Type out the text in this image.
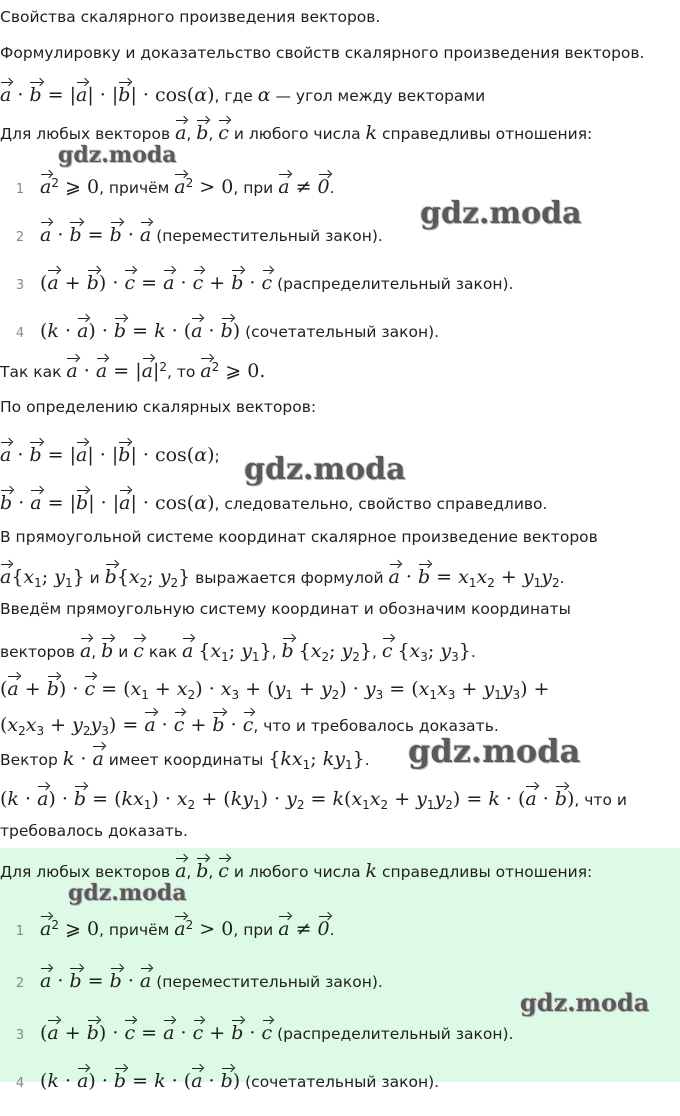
Свойства скалярного произведения векторов.
Формулировку и доказательство свойств скалярного произведения векторов.
a · b = |a| · |b| · cos(α), где α — угол между векторами
Для любых векторов a, b, c и любого числа k справедливы отношения:
1 $a^2$ ⩾ 0, причём $a^2 > 0$, при a ≠ 0.
2 a · b = b · a (переместительный закон).
3 (a + b) · c = a · c + b · c (распределительный закон).
4 (k · a) · b = k · (a · b) (сочетательный закон).
Так как $a \cdot a = |a|^2$, то $a^2$ ⩾ 0.
По определению скалярных векторов:
a · b = |a| · |b| · cos(α);
b · a = |b| · |a| · cos(α), следовательно, свойство справедливо.
В прямоугольной системе координат скалярное произведение векторов
$a\{x_1$; $y_1$} и $b\{x_2$; $y_2$} выражается формулой $a \cdot b = x_1x_2 + y_1y_2$.
Введём прямоугольную систему координат и обозначим координаты
векторов a, b и c как a {$x_1$; $y_1$}, b {$x_2$; $y_2$}, c {$x_3$; $y_3$}.
$(a + b) \cdot c = (x_1 + x_2) \cdot x_3 + (y_1 + y_2) \cdot y_3 = (x_1x_3 + y_1y_3)$ +
$(x_2x_3 + y_2y_3) = a \cdot c + b \cdot c$, что и требовалось доказать.
Вектор k · a имеет координаты {$kx_1$; $ky_1$}.
$(k \cdot a) \cdot b = (kx_1) \cdot x_2 + (ky_1) \cdot y_2 = k(x_1x_2 + y_1y_2) = k \cdot (a \cdot b)$, что и
требовалось доказать.
Для любых векторов a, b, c и любого числа k справедливы отношения:
1 $a^2$ ⩾ 0, причём $a^2 > 0$, при a ≠ 0.
2 a · b = b · a (переместительный закон).
3 (a + b) · c = a · c + b · c (распределительный закон).
4 (k · a) · b = k · (a · b) (сочетательный закон).
gdz.moda
gdz.moda
gdz.moda
gdz.moda
gdz.moda
gdz.moda
